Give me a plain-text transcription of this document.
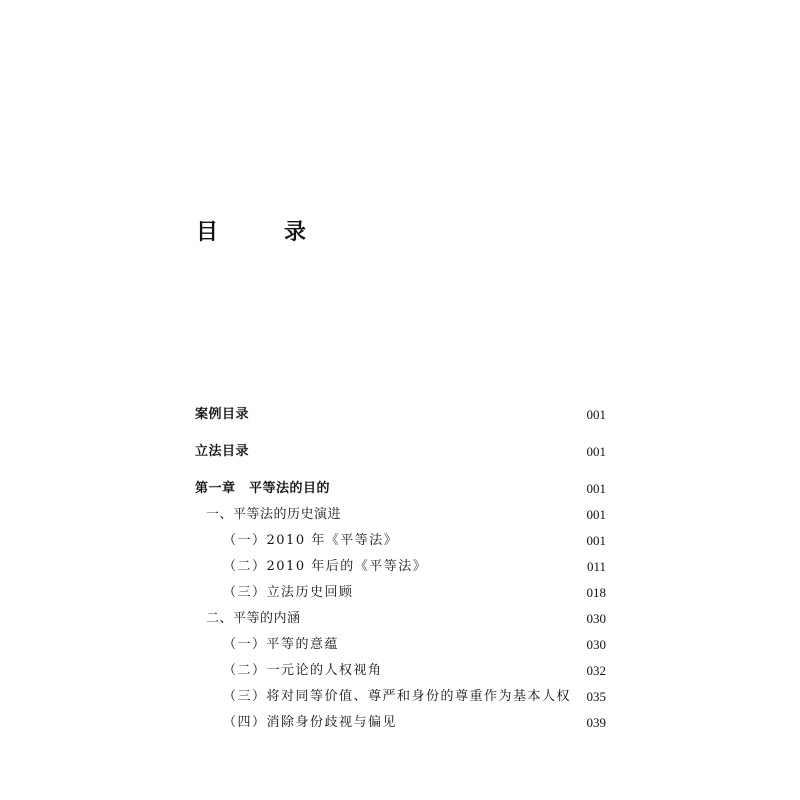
目　录
案例目录	001
立法目录	001
第一章　平等法的目的	001
一、平等法的历史演进	001
（一）2010 年《平等法》	001
（二）2010 年后的《平等法》	011
（三）立法历史回顾	018
二、平等的内涵	030
（一）平等的意蕴	030
（二）一元论的人权视角	032
（三）将对同等价值、尊严和身份的尊重作为基本人权 035
（四）消除身份歧视与偏见	039
